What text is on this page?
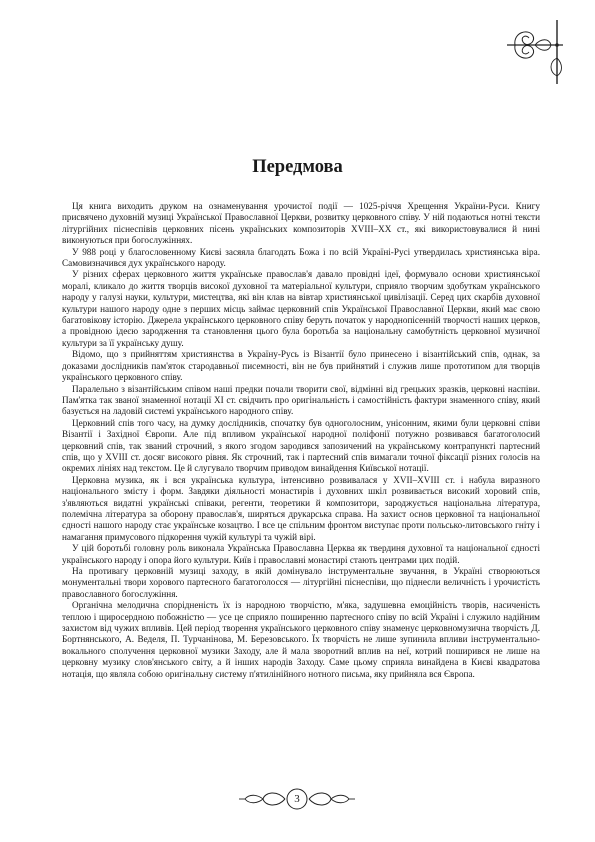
Передмова

Ця книга виходить друком на ознаменування урочистої події — 1025-річчя Хрещення України-Руси. Книгу присвячено духовній музиці Української Православної Церкви, розвитку церковного співу. У ній подаються нотні тексти літургійних піснеспівів церковних пісень українських композиторів XVIII–XX ст., які використовувалися й нині виконуються при богослужіннях.

У 988 році у благословенному Києві засяяла благодать Божа і по всій Україні-Русі утвердилась християнська віра. Самовизначився дух українського народу.

У різних сферах церковного життя українське православ'я давало провідні ідеї, формувало основи християнської моралі, кликало до життя творців високої духовної та матеріальної культури, сприяло творчим здобуткам українського народу у галузі науки, культури, мистецтва, які він клав на вівтар християнської цивілізації. Серед цих скарбів духовної культури нашого народу одне з перших місць займає церковний спів Української Православної Церкви, який має свою багатовікову історію. Джерела українського церковного співу беруть початок у народнопісенній творчості наших церков, а провідною ідеєю зародження та становлення цього була боротьба за національну самобутність церковної музичної культури за її українську душу.

Відомо, що з прийняттям християнства в Україну-Русь із Візантії було принесено і візантійський спів, однак, за доказами дослідників пам'яток стародавньої писемності, він не був прийнятий і служив лише прототипом для творців українського церковного співу.

Паралельно з візантійським співом наші предки почали творити свої, відмінні від грецьких зразків, церковні наспіви. Пам'ятка так званої знаменної нотації XI ст. свідчить про оригінальність і самостійність фактури знаменного співу, який базується на ладовій системі українського народного співу.

Церковний спів того часу, на думку дослідників, спочатку був одноголосним, унісонним, якими були церковні співи Візантії і Західної Європи. Але під впливом української народної поліфонії потужно розвивався багатоголосий церковний спів, так званий строчний, з якого згодом зародився запозичений на українському контрапункті партесний спів, що у XVIII ст. досяг високого рівня. Як строчний, так і партесний спів вимагали точної фіксації різних голосів на окремих лініях над текстом. Це й слугувало творчим приводом винайдення Київської нотації.

Церковна музика, як і вся українська культура, інтенсивно розвивалася у XVII–XVIII ст. і набула виразного національного змісту і форм. Завдяки діяльності монастирів і духовних шкіл розвивається високий хоровий спів, з'являються видатні українські співаки, регенти, теоретики й композитори, зароджується національна література, полемічна література за оборону православ'я, ширяться друкарська справа. На захист основ церковної та національної єдності нашого народу стає українське козацтво. І все це спільним фронтом виступає проти польсько-литовського гніту і намагання примусового підкорення чужій культурі та чужій вірі.

У цій боротьбі головну роль виконала Українська Православна Церква як твердиня духовної та національної єдності українського народу і опора його культури. Київ і православні монастирі стають центрами цих подій.

На противагу церковній музиці заходу, в якій домінувало інструментальне звучання, в Україні створюються монументальні твори хорового партесного багатоголосся — літургійні піснеспіви, що піднесли величність і урочистість православного богослужіння.

Органічна мелодична спорідненість їх із народною творчістю, м'яка, задушевна емоційність творів, насиченість теплою і щиросердною побожністю — усе це сприяло поширенню партесного співу по всій Україні і служило надійним захистом від чужих впливів. Цей період творення українського церковного співу знаменує церковномузична творчість Д. Бортнянського, А. Веделя, П. Турчанінова, М. Березовського. Їх творчість не лише зупинила впливи інструментально-вокального сполучення церковної музики Заходу, але й мала зворотний вплив на неї, котрий поширився не лише на церковну музику слов'янського світу, а й інших народів Заходу. Саме цьому сприяла винайдена в Києві квадратова нотація, що являла собою оригінальну систему п'ятилінійного нотного письма, яку прийняла вся Європа.

3
